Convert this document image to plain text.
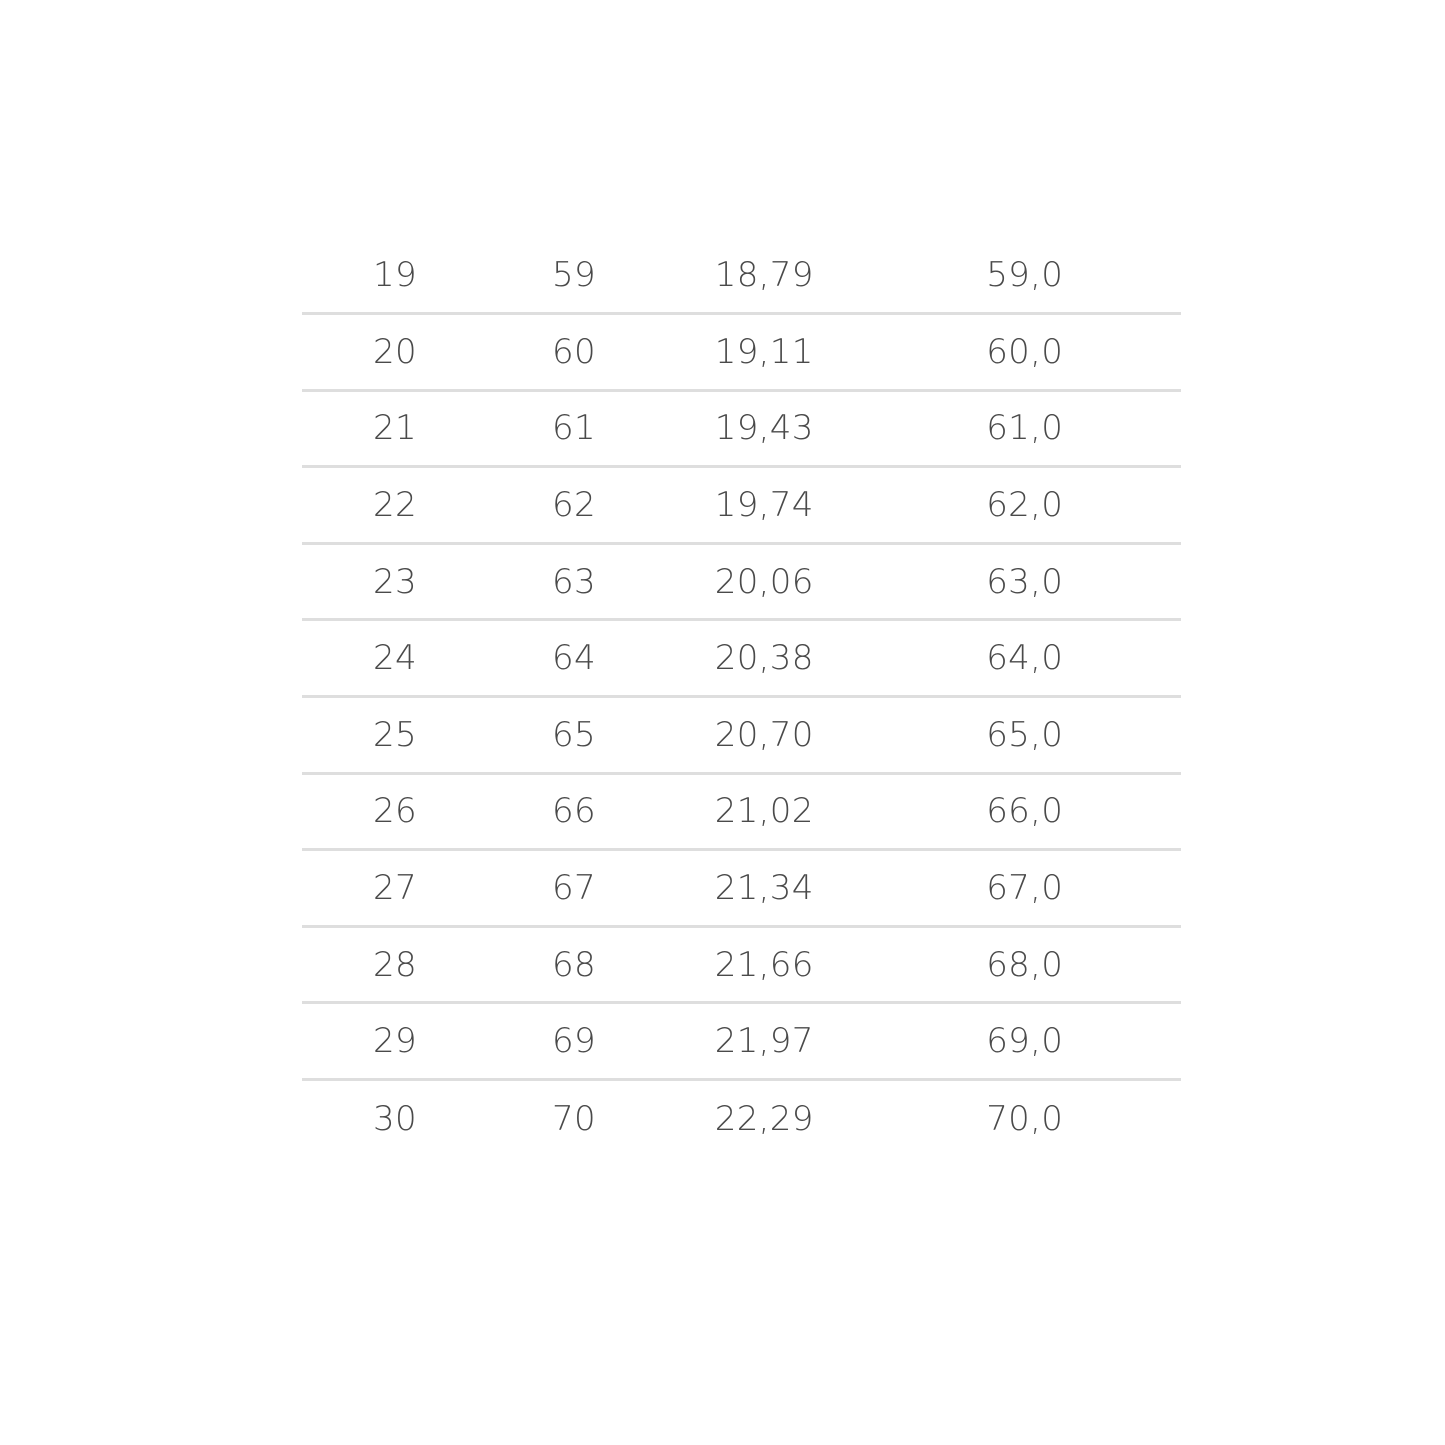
19	59	18,79	59,0
20	60	19,11	60,0
21	61	19,43	61,0
22	62	19,74	62,0
23	63	20,06	63,0
24	64	20,38	64,0
25	65	20,70	65,0
26	66	21,02	66,0
27	67	21,34	67,0
28	68	21,66	68,0
29	69	21,97	69,0
30	70	22,29	70,0
